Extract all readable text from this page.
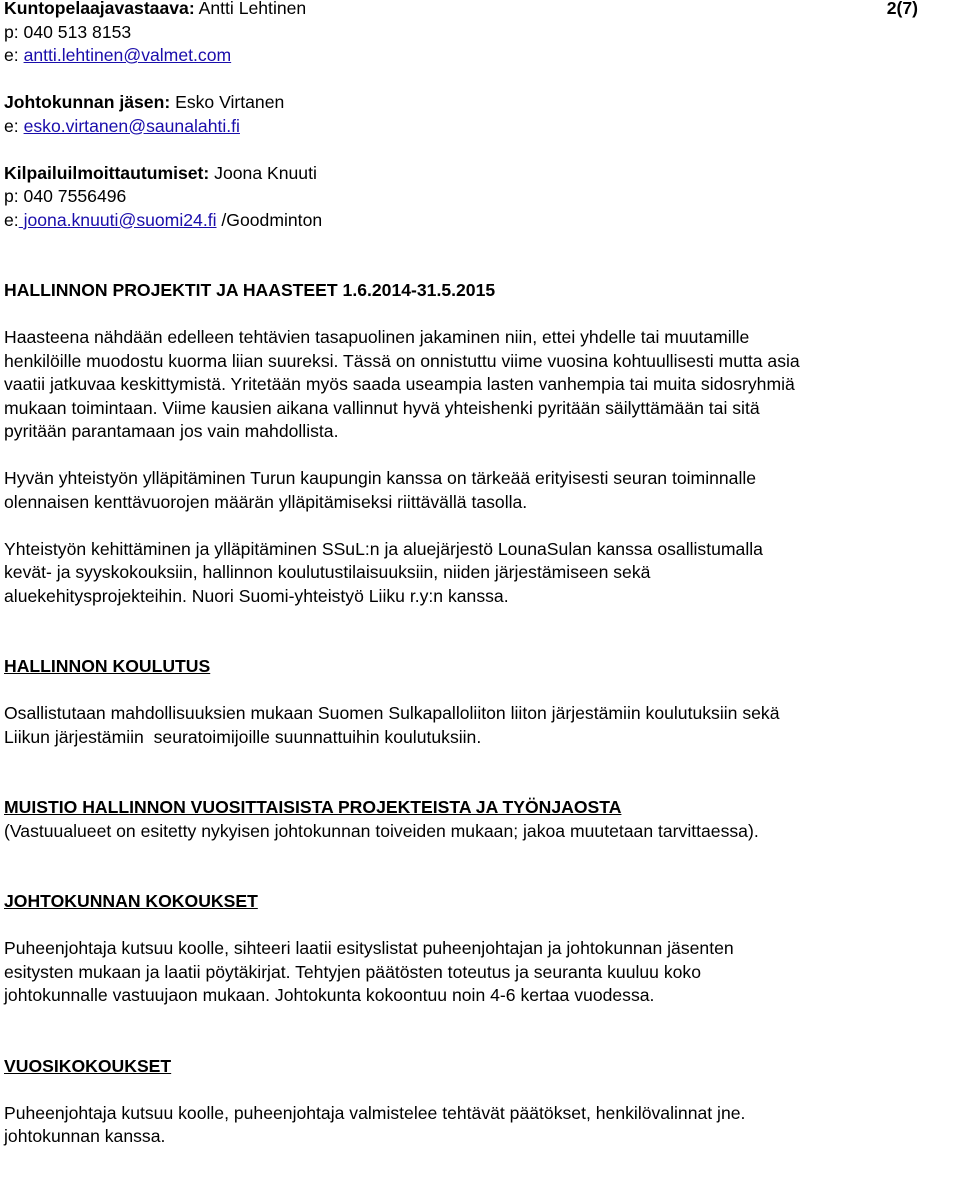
2(7)
Kuntopelaajavastaava: Antti Lehtinen
p: 040 513 8153
e: antti.lehtinen@valmet.com
Johtokunnan jäsen: Esko Virtanen
e: esko.virtanen@saunalahti.fi
Kilpailuilmoittautumiset: Joona Knuuti
p: 040 7556496
e: joona.knuuti@suomi24.fi /Goodminton
HALLINNON PROJEKTIT JA HAASTEET 1.6.2014-31.5.2015
Haasteena nähdään edelleen tehtävien tasapuolinen jakaminen niin, ettei yhdelle tai muutamille
henkilöille muodostu kuorma liian suureksi. Tässä on onnistuttu viime vuosina kohtuullisesti mutta asia
vaatii jatkuvaa keskittymistä. Yritetään myös saada useampia lasten vanhempia tai muita sidosryhmiä
mukaan toimintaan. Viime kausien aikana vallinnut hyvä yhteishenki pyritään säilyttämään tai sitä
pyritään parantamaan jos vain mahdollista.
Hyvän yhteistyön ylläpitäminen Turun kaupungin kanssa on tärkeää erityisesti seuran toiminnalle
olennaisen kenttävuorojen määrän ylläpitämiseksi riittävällä tasolla.
Yhteistyön kehittäminen ja ylläpitäminen SSuL:n ja aluejärjestö LounaSulan kanssa osallistumalla
kevät- ja syyskokouksiin, hallinnon koulutustilaisuuksiin, niiden järjestämiseen sekä
aluekehitysprojekteihin. Nuori Suomi-yhteistyö Liiku r.y:n kanssa.
HALLINNON KOULUTUS
Osallistutaan mahdollisuuksien mukaan Suomen Sulkapalloliiton liiton järjestämiin koulutuksiin sekä
Liikun järjestämiin  seuratoimijoille suunnattuihin koulutuksiin.
MUISTIO HALLINNON VUOSITTAISISTA PROJEKTEISTA JA TYÖNJAOSTA
(Vastuualueet on esitetty nykyisen johtokunnan toiveiden mukaan; jakoa muutetaan tarvittaessa).
JOHTOKUNNAN KOKOUKSET
Puheenjohtaja kutsuu koolle, sihteeri laatii esityslistat puheenjohtajan ja johtokunnan jäsenten
esitysten mukaan ja laatii pöytäkirjat. Tehtyjen päätösten toteutus ja seuranta kuuluu koko
johtokunnalle vastuujaon mukaan. Johtokunta kokoontuu noin 4-6 kertaa vuodessa.
VUOSIKOKOUKSET
Puheenjohtaja kutsuu koolle, puheenjohtaja valmistelee tehtävät päätökset, henkilövalinnat jne.
johtokunnan kanssa.
